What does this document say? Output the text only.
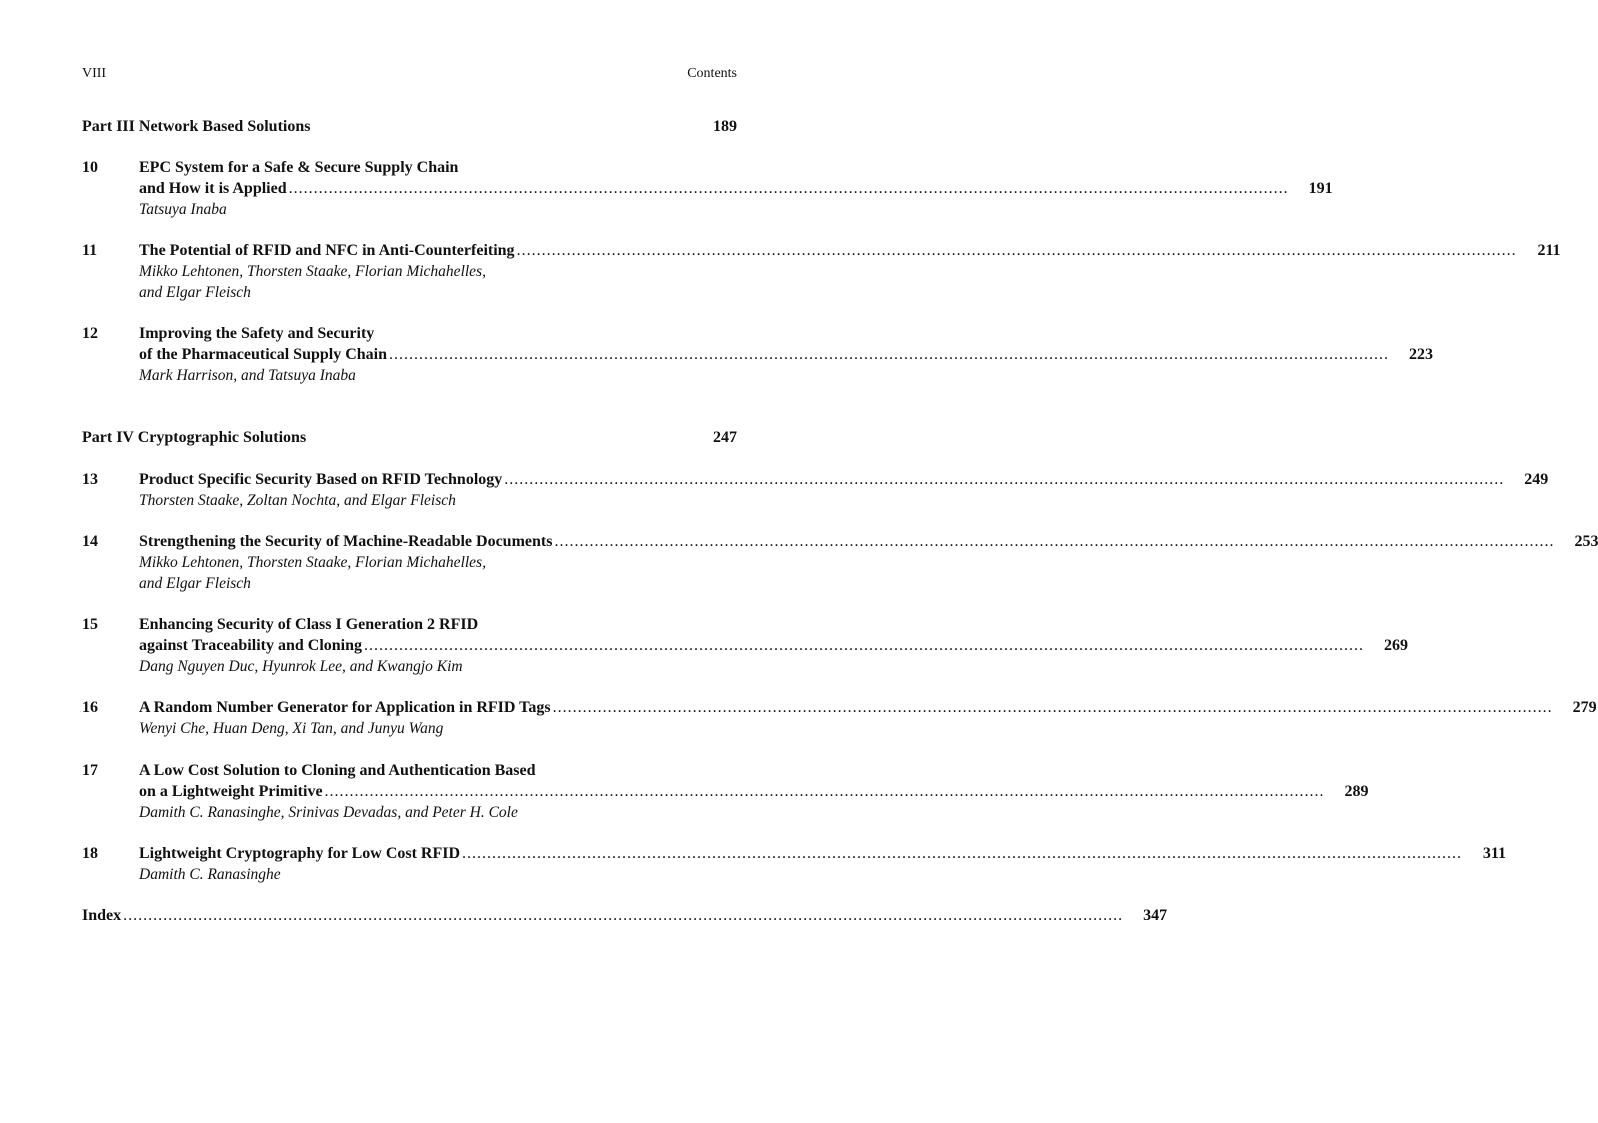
VIII	Contents
Part III Network Based Solutions	189
10	EPC System for a Safe & Secure Supply Chain
and How it is Applied ........................................................................................................................................................................................................	191
Tatsuya Inaba
11	The Potential of RFID and NFC in Anti-Counterfeiting ........................................................................................................................................................................................................	211
Mikko Lehtonen, Thorsten Staake, Florian Michahelles,
and Elgar Fleisch
12	Improving the Safety and Security
of the Pharmaceutical Supply Chain ........................................................................................................................................................................................................	223
Mark Harrison, and Tatsuya Inaba
Part IV Cryptographic Solutions	247
13	Product Specific Security Based on RFID Technology ........................................................................................................................................................................................................	249
Thorsten Staake, Zoltan Nochta, and Elgar Fleisch
14	Strengthening the Security of Machine-Readable Documents ........................................................................................................................................................................................................	253
Mikko Lehtonen, Thorsten Staake, Florian Michahelles,
and Elgar Fleisch
15	Enhancing Security of Class I Generation 2 RFID
against Traceability and Cloning ........................................................................................................................................................................................................	269
Dang Nguyen Duc, Hyunrok Lee, and Kwangjo Kim
16	A Random Number Generator for Application in RFID Tags ........................................................................................................................................................................................................	279
Wenyi Che, Huan Deng, Xi Tan, and Junyu Wang
17	A Low Cost Solution to Cloning and Authentication Based
on a Lightweight Primitive ........................................................................................................................................................................................................	289
Damith C. Ranasinghe, Srinivas Devadas, and Peter H. Cole
18	Lightweight Cryptography for Low Cost RFID ........................................................................................................................................................................................................	311
Damith C. Ranasinghe
Index ........................................................................................................................................................................................................	347
